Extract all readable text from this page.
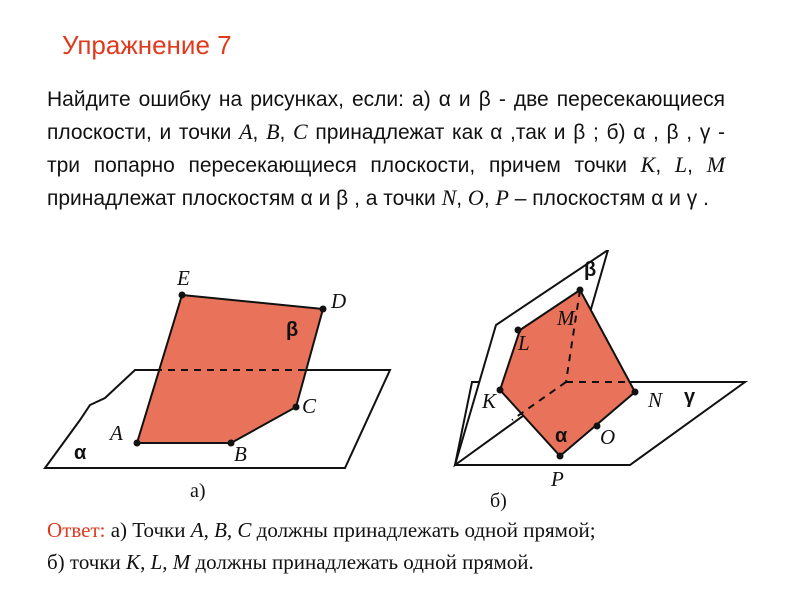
Упражнение 7
Найдите ошибку на рисунках, если: а) α и β - две пересекающиеся плоскости, и точки A, B, C принадлежат как α ,так и β ; б) α , β , γ - три попарно пересекающиеся плоскости, причем точки K, L, M принадлежат плоскостям α и β , а точки N, O, P – плоскостям α и γ .
E
D
C
B
A
β
α
а)
M
L
K	N
O
P
β
α
γ
б)
Ответ: а) Точки A, B, C должны принадлежать одной прямой;
б) точки K, L, M должны принадлежать одной прямой.
